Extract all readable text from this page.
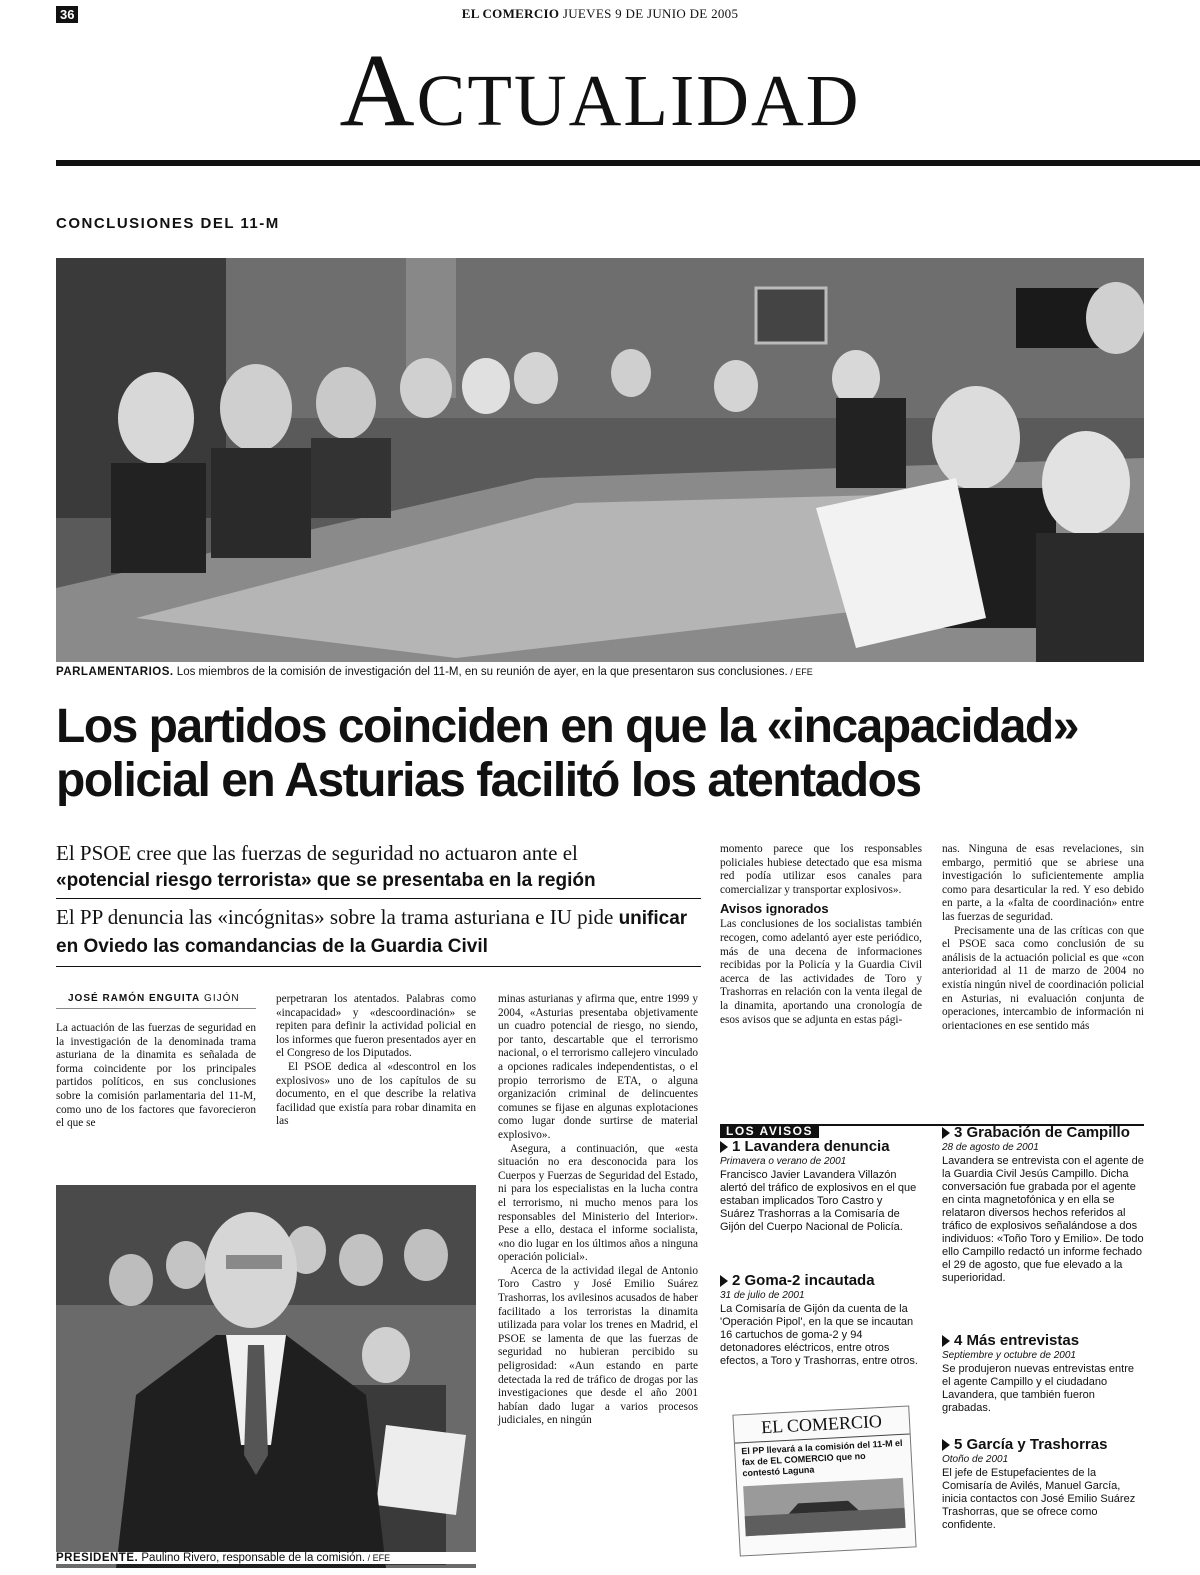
36	EL COMERCIO JUEVES 9 DE JUNIO DE 2005
Actualidad
CONCLUSIONES DEL 11-M
PARLAMENTARIOS. Los miembros de la comisión de investigación del 11-M, en su reunión de ayer, en la que presentaron sus conclusiones. / EFE
Los partidos coinciden en que la «incapacidad»
policial en Asturias facilitó los atentados
El PSOE cree que las fuerzas de seguridad no actuaron ante el
«potencial riesgo terrorista» que se presentaba en la región
El PP denuncia las «incógnitas» sobre la trama asturiana e IU pide unificar en Oviedo las comandancias de la Guardia Civil
JOSÉ RAMÓN ENGUITA GIJÓN

La actuación de las fuerzas de seguridad en la investigación de la denominada trama asturiana de la dinamita es señalada de forma coincidente por los principales partidos políticos, en sus conclusiones sobre la comisión parlamentaria del 11-M, como uno de los factores que favorecieron el que se

perpetraran los atentados. Palabras como «incapacidad» y «descoordinación» se repiten para definir la actividad policial en los informes que fueron presentados ayer en el Congreso de los Diputados.

El PSOE dedica al «descontrol en los explosivos» uno de los capítulos de su documento, en el que describe la relativa facilidad que existía para robar dinamita en las

minas asturianas y afirma que, entre 1999 y 2004, «Asturias presentaba objetivamente un cuadro potencial de riesgo, no siendo, por tanto, descartable que el terrorismo nacional, o el terrorismo callejero vinculado a opciones radicales independentistas, o el propio terrorismo de ETA, o alguna organización criminal de delincuentes comunes se fijase en algunas explotaciones como lugar donde surtirse de material explosivo».

Asegura, a continuación, que «esta situación no era desconocida para los Cuerpos y Fuerzas de Seguridad del Estado, ni para los especialistas en la lucha contra el terrorismo, ni mucho menos para los responsables del Ministerio del Interior». Pese a ello, destaca el informe socialista, «no dio lugar en los últimos años a ninguna operación policial».

Acerca de la actividad ilegal de Antonio Toro Castro y José Emilio Suárez Trashorras, los avilesinos acusados de haber facilitado a los terroristas la dinamita utilizada para volar los trenes en Madrid, el PSOE se lamenta de que las fuerzas de seguridad no hubieran percibido su peligrosidad: «Aun estando en parte detectada la red de tráfico de drogas por las investigaciones que desde el año 2001 habían dado lugar a varios procesos judiciales, en ningún

momento parece que los responsables policiales hubiese detectado que esa misma red podía utilizar esos canales para comercializar y transportar explosivos».

Avisos ignorados

Las conclusiones de los socialistas también recogen, como adelantó ayer este periódico, más de una decena de informaciones recibidas por la Policía y la Guardia Civil acerca de las actividades de Toro y Trashorras en relación con la venta ilegal de la dinamita, aportando una cronología de esos avisos que se adjunta en estas pági-

nas. Ninguna de esas revelaciones, sin embargo, permitió que se abriese una investigación lo suficientemente amplia como para desarticular la red. Y eso debido en parte, a la «falta de coordinación» entre las fuerzas de seguridad.

Precisamente una de las críticas con que el PSOE saca como conclusión de su análisis de la actuación policial es que «con anterioridad al 11 de marzo de 2004 no existía ningún nivel de coordinación policial en Asturias, ni evaluación conjunta de operaciones, intercambio de información ni orientaciones en ese sentido más

PRESIDENTE. Paulino Rivero, responsable de la comisión. / EFE
LOS AVISOS
1 Lavandera denuncia
Primavera o verano de 2001
Francisco Javier Lavandera Villazón alertó del tráfico de explosivos en el que estaban implicados Toro Castro y Suárez Trashorras a la Comisaría de Gijón del Cuerpo Nacional de Policía.
2 Goma-2 incautada
31 de julio de 2001
La Comisaría de Gijón da cuenta de la 'Operación Pipol', en la que se incautan 16 cartuchos de goma-2 y 94 detonadores eléctricos, entre otros efectos, a Toro y Trashorras, entre otros.
EL COMERCIO
El PP llevará a la comisión del 11-M el fax de EL COMERCIO que no contestó Laguna
3 Grabación de Campillo
28 de agosto de 2001
Lavandera se entrevista con el agente de la Guardia Civil Jesús Campillo. Dicha conversación fue grabada por el agente en cinta magnetofónica y en ella se relataron diversos hechos referidos al tráfico de explosivos señalándose a dos individuos: «Toño Toro y Emilio». De todo ello Campillo redactó un informe fechado el 29 de agosto, que fue elevado a la superioridad.
4 Más entrevistas
Septiembre y octubre de 2001
Se produjeron nuevas entrevistas entre el agente Campillo y el ciudadano Lavandera, que también fueron grabadas.
5 García y Trashorras
Otoño de 2001
El jefe de Estupefacientes de la Comisaría de Avilés, Manuel García, inicia contactos con José Emilio Suárez Trashorras, que se ofrece como confidente.
